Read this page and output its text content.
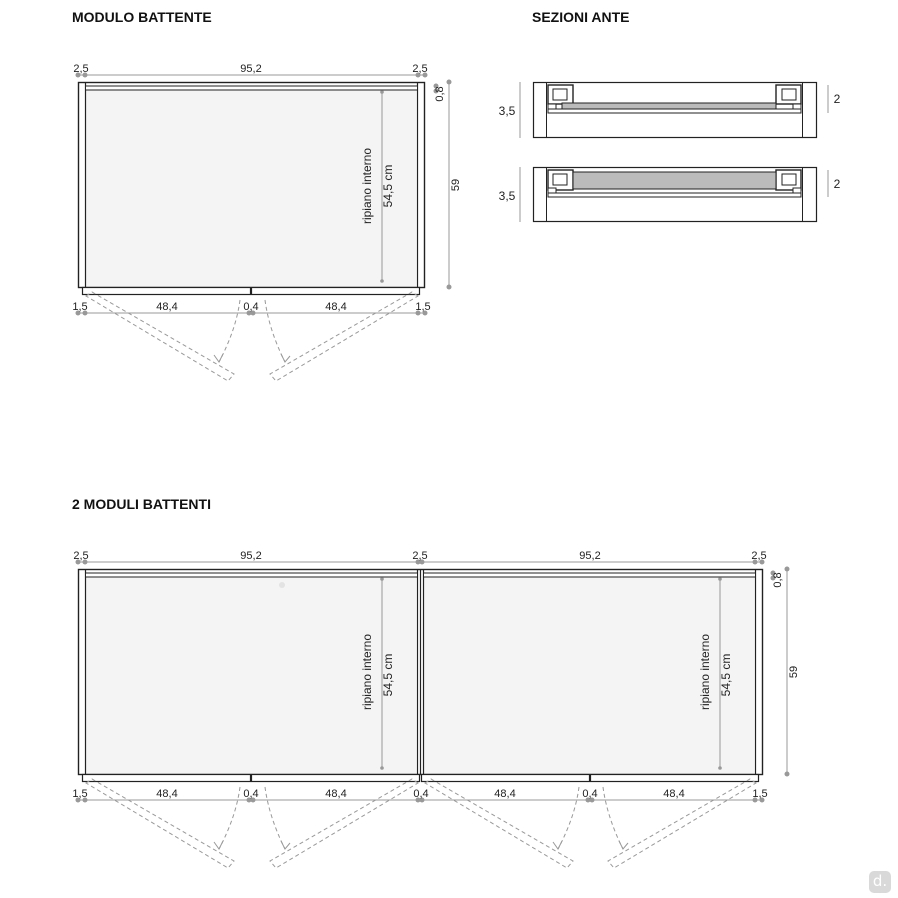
MODULO BATTENTE	SEZIONI ANTE
2 MODULI BATTENTI
2,5	95,2	2,5
ripiano interno 54,5 cm
0,8
59
1,5	48,4	0,4	48,4	1,5
3,5
2
3,5
2
2,5	95,2	2,5	95,2	2,5
ripiano interno 54,5 cm	ripiano interno 54,5 cm
0,8
59
1,5	48,4	0,4	48,4	0,4	48,4	0,4	48,4	1,5
d.
